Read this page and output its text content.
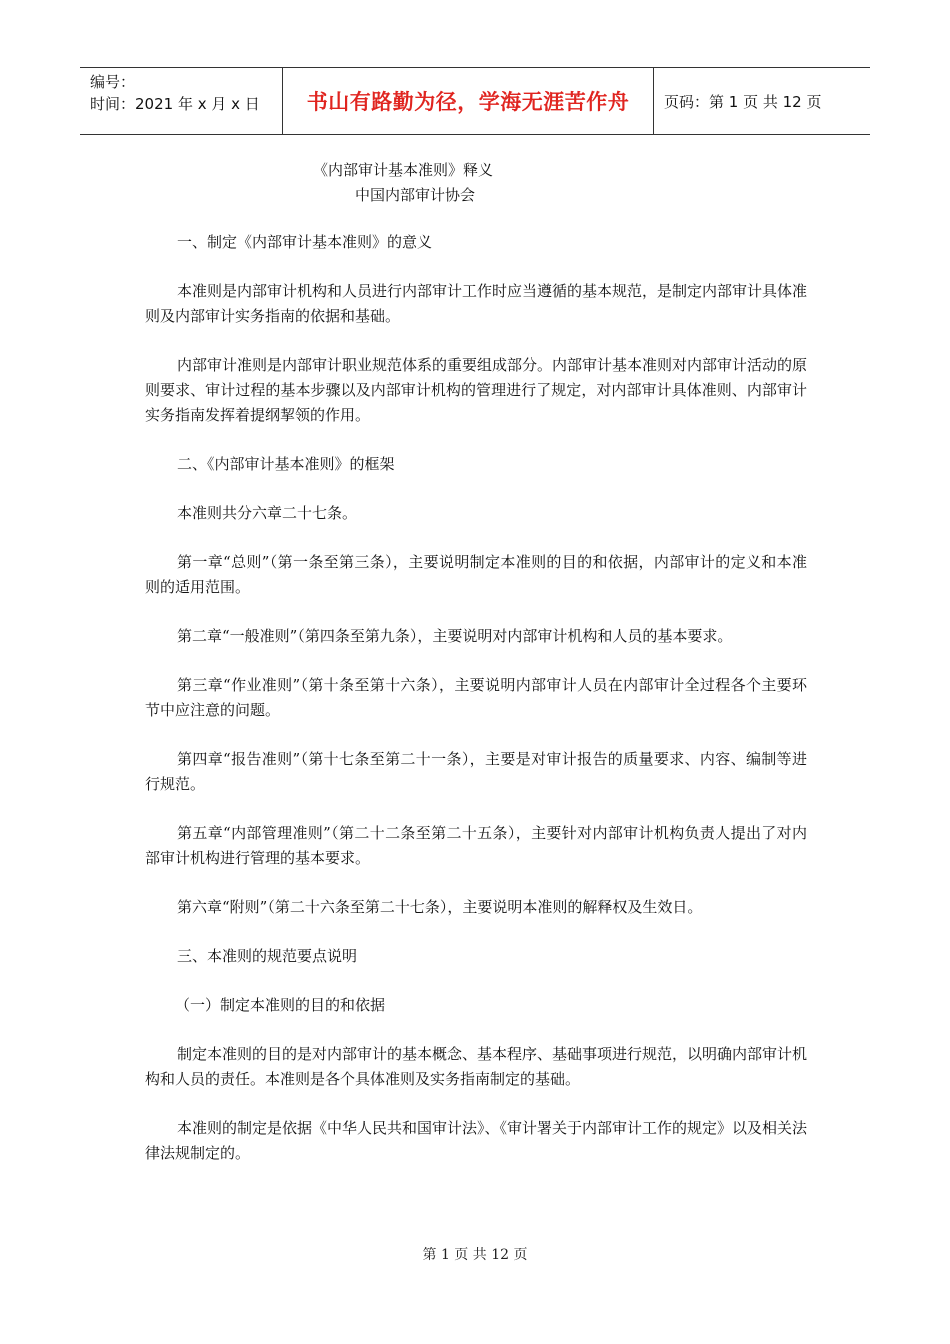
编号：
时间：2021 年 x 月 x 日	书山有路勤为径，学海无涯苦作舟 页码：第 1 页 共 12 页
《内部审计基本准则》释义
中国内部审计协会
一、制定《内部审计基本准则》的意义
本准则是内部审计机构和人员进行内部审计工作时应当遵循的基本规范，是制定内部审计具体准则及内部审计实务指南的依据和基础。
内部审计准则是内部审计职业规范体系的重要组成部分。内部审计基本准则对内部审计活动的原则要求、审计过程的基本步骤以及内部审计机构的管理进行了规定，对内部审计具体准则、内部审计实务指南发挥着提纲挈领的作用。
二、《内部审计基本准则》的框架
本准则共分六章二十七条。
第一章“总则”（第一条至第三条），主要说明制定本准则的目的和依据，内部审计的定义和本准则的适用范围。
第二章“一般准则”（第四条至第九条），主要说明对内部审计机构和人员的基本要求。
第三章“作业准则”（第十条至第十六条），主要说明内部审计人员在内部审计全过程各个主要环节中应注意的问题。
第四章“报告准则”（第十七条至第二十一条），主要是对审计报告的质量要求、内容、编制等进行规范。
第五章“内部管理准则”（第二十二条至第二十五条），主要针对内部审计机构负责人提出了对内部审计机构进行管理的基本要求。
第六章“附则”（第二十六条至第二十七条），主要说明本准则的解释权及生效日。
三、本准则的规范要点说明
（一）制定本准则的目的和依据
制定本准则的目的是对内部审计的基本概念、基本程序、基础事项进行规范，以明确内部审计机构和人员的责任。本准则是各个具体准则及实务指南制定的基础。
本准则的制定是依据《中华人民共和国审计法》、《审计署关于内部审计工作的规定》以及相关法律法规制定的。
第 1 页 共 12 页
